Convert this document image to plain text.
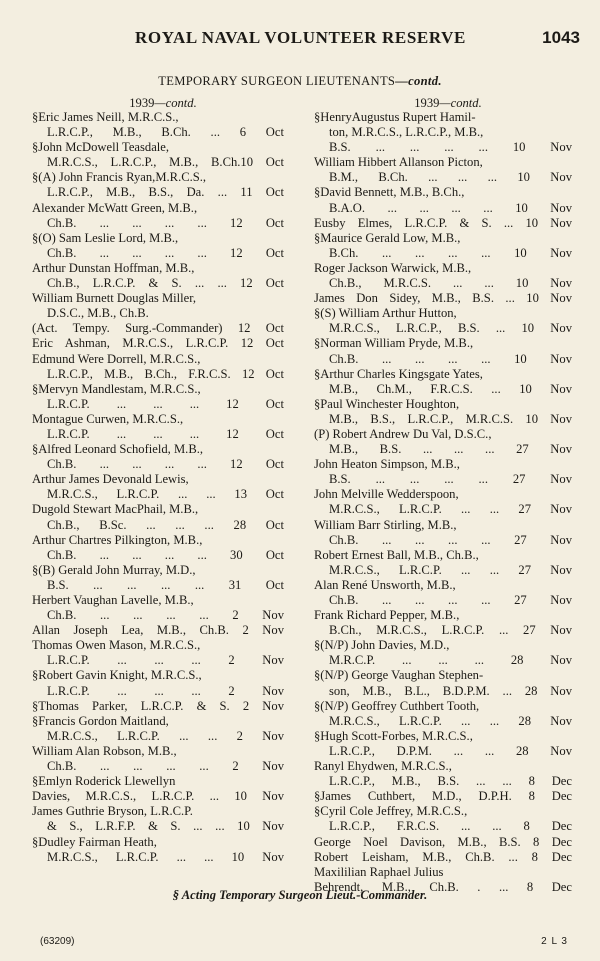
ROYAL NAVAL VOLUNTEER RESERVE	1043
TEMPORARY SURGEON LIEUTENANTS—contd.
1939—contd.
§Eric James Neill, M.R.C.S.,
L.R.C.P., M.B., B.Ch. ... 6 Oct
§John McDowell Teasdale,
M.R.C.S., L.R.C.P., M.B., B.Ch.10 Oct
§(A) John Francis Ryan,M.R.C.S.,
L.R.C.P., M.B., B.S., Da. ... 11 Oct
Alexander McWatt Green, M.B.,
Ch.B. ... ... ... ... 12 Oct
§(O) Sam Leslie Lord, M.B.,
Ch.B. ... ... ... ... 12 Oct
Arthur Dunstan Hoffman, M.B.,
Ch.B., L.R.C.P. & S. ... ... 12 Oct
William Burnett Douglas Miller,
D.S.C., M.B., Ch.B.
(Act. Tempy. Surg.-Commander) 12 Oct
Eric Ashman, M.R.C.S., L.R.C.P. 12 Oct
Edmund Were Dorrell, M.R.C.S.,
L.R.C.P., M.B., B.Ch., F.R.C.S. 12 Oct
§Mervyn Mandlestam, M.R.C.S.,
L.R.C.P. ... ... ... 12 Oct
Montague Curwen, M.R.C.S.,
L.R.C.P. ... ... ... 12 Oct
§Alfred Leonard Schofield, M.B.,
Ch.B. ... ... ... ... 12 Oct
Arthur James Devonald Lewis,
M.R.C.S., L.R.C.P. ... ... 13 Oct
Dugold Stewart MacPhail, M.B.,
Ch.B., B.Sc. ... ... ... 28 Oct
Arthur Chartres Pilkington, M.B.,
Ch.B. ... ... ... ... 30 Oct
§(B) Gerald John Murray, M.D.,
B.S. ... ... ... ... 31 Oct
Herbert Vaughan Lavelle, M.B.,
Ch.B. ... ... ... ... 2 Nov
Allan Joseph Lea, M.B., Ch.B. 2 Nov
Thomas Owen Mason, M.R.C.S.,
L.R.C.P. ... ... ... 2 Nov
§Robert Gavin Knight, M.R.C.S.,
L.R.C.P. ... ... ... 2 Nov
§Thomas Parker, L.R.C.P. & S. 2 Nov
§Francis Gordon Maitland,
M.R.C.S., L.R.C.P. ... ... 2 Nov
William Alan Robson, M.B.,
Ch.B. ... ... ... ... 2 Nov
§Emlyn Roderick Llewellyn
Davies, M.R.C.S., L.R.C.P. ... 10 Nov
James Guthrie Bryson, L.R.C.P.
& S., L.R.F.P. & S. ... ... 10 Nov
§Dudley Fairman Heath,
M.R.C.S., L.R.C.P. ... ... 10 Nov
1939—contd.
§HenryAugustus Rupert Hamil-
ton, M.R.C.S., L.R.C.P., M.B.,
B.S. ... ... ... ... 10 Nov
William Hibbert Allanson Picton,
B.M., B.Ch. ... ... ... 10 Nov
§David Bennett, M.B., B.Ch.,
B.A.O. ... ... ... ... 10 Nov
Eusby Elmes, L.R.C.P. & S. ... 10 Nov
§Maurice Gerald Low, M.B.,
B.Ch. ... ... ... ... 10 Nov
Roger Jackson Warwick, M.B.,
Ch.B., M.R.C.S. ... ... 10 Nov
James Don Sidey, M.B., B.S. ... 10 Nov
§(S) William Arthur Hutton,
M.R.C.S., L.R.C.P., B.S. ... 10 Nov
§Norman William Pryde, M.B.,
Ch.B. ... ... ... ... 10 Nov
§Arthur Charles Kingsgate Yates,
M.B., Ch.M., F.R.C.S. ... 10 Nov
§Paul Winchester Houghton,
M.B., B.S., L.R.C.P., M.R.C.S. 10 Nov
(P) Robert Andrew Du Val, D.S.C.,
M.B., B.S. ... ... ... 27 Nov
John Heaton Simpson, M.B.,
B.S. ... ... ... ... 27 Nov
John Melville Wedderspoon,
M.R.C.S., L.R.C.P. ... ... 27 Nov
William Barr Stirling, M.B.,
Ch.B. ... ... ... ... 27 Nov
Robert Ernest Ball, M.B., Ch.B.,
M.R.C.S., L.R.C.P. ... ... 27 Nov
Alan René Unsworth, M.B.,
Ch.B. ... ... ... ... 27 Nov
Frank Richard Pepper, M.B.,
B.Ch., M.R.C.S., L.R.C.P. ... 27 Nov
§(N/P) John Davies, M.D.,
M.R.C.P. ... ... ... 28 Nov
§(N/P) George Vaughan Stephen-
son, M.B., B.L., B.D.P.M. ... 28 Nov
§(N/P) Geoffrey Cuthbert Tooth,
M.R.C.S., L.R.C.P. ... ... 28 Nov
§Hugh Scott-Forbes, M.R.C.S.,
L.R.C.P., D.P.M. ... ... 28 Nov
Ranyl Ehydwen, M.R.C.S.,
L.R.C.P., M.B., B.S. ... ... 8 Dec
§James Cuthbert, M.D., D.P.H. 8 Dec
§Cyril Cole Jeffrey, M.R.C.S.,
L.R.C.P., F.R.C.S. ... ... 8 Dec
George Noel Davison, M.B., B.S. 8 Dec
Robert Leisham, M.B., Ch.B. ... 8 Dec
Maxililian Raphael Julius
Behrendt, M.B., Ch.B. . ... 8 Dec
§ Acting Temporary Surgeon Lieut.-Commander.
(63209)	2 L 3
